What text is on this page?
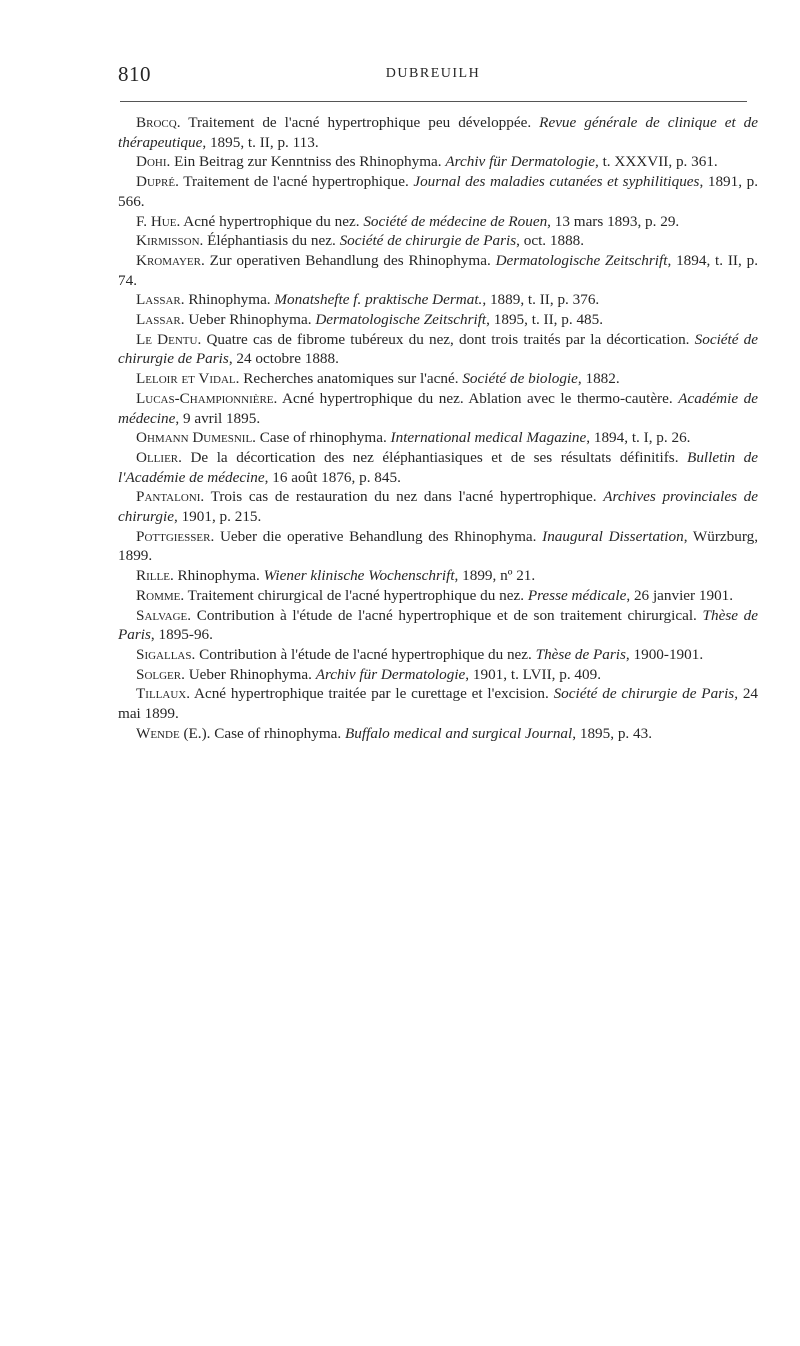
810	DUBREUILH

Brocq. Traitement de l'acné hypertrophique peu développée. Revue générale de clinique et de thérapeutique, 1895, t. II, p. 113.

Dohi. Ein Beitrag zur Kenntniss des Rhinophyma. Archiv für Dermatologie, t. XXXVII, p. 361.

Dupré. Traitement de l'acné hypertrophique. Journal des maladies cutanées et syphilitiques, 1891, p. 566.

F. Hue. Acné hypertrophique du nez. Société de médecine de Rouen, 13 mars 1893, p. 29.

Kirmisson. Éléphantiasis du nez. Société de chirurgie de Paris, oct. 1888.

Kromayer. Zur operativen Behandlung des Rhinophyma. Dermatologische Zeitschrift, 1894, t. II, p. 74.

Lassar. Rhinophyma. Monatshefte f. praktische Dermat., 1889, t. II, p. 376.

Lassar. Ueber Rhinophyma. Dermatologische Zeitschrift, 1895, t. II, p. 485.

Le Dentu. Quatre cas de fibrome tubéreux du nez, dont trois traités par la décortication. Société de chirurgie de Paris, 24 octobre 1888.

Leloir et Vidal. Recherches anatomiques sur l'acné. Société de biologie, 1882.

Lucas-Championnière. Acné hypertrophique du nez. Ablation avec le thermo-cautère. Académie de médecine, 9 avril 1895.

Ohmann Dumesnil. Case of rhinophyma. International medical Magazine, 1894, t. I, p. 26.

Ollier. De la décortication des nez éléphantiasiques et de ses résultats définitifs. Bulletin de l'Académie de médecine, 16 août 1876, p. 845.

Pantaloni. Trois cas de restauration du nez dans l'acné hypertrophique. Archives provinciales de chirurgie, 1901, p. 215.

Pottgiesser. Ueber die operative Behandlung des Rhinophyma. Inaugural Dissertation, Würzburg, 1899.

Rille. Rhinophyma. Wiener klinische Wochenschrift, 1899, nº 21.

Romme. Traitement chirurgical de l'acné hypertrophique du nez. Presse médicale, 26 janvier 1901.

Salvage. Contribution à l'étude de l'acné hypertrophique et de son traitement chirurgical. Thèse de Paris, 1895-96.

Sigallas. Contribution à l'étude de l'acné hypertrophique du nez. Thèse de Paris, 1900-1901.

Solger. Ueber Rhinophyma. Archiv für Dermatologie, 1901, t. LVII, p. 409.

Tillaux. Acné hypertrophique traitée par le curettage et l'excision. Société de chirurgie de Paris, 24 mai 1899.

Wende (E.). Case of rhinophyma. Buffalo medical and surgical Journal, 1895, p. 43.
